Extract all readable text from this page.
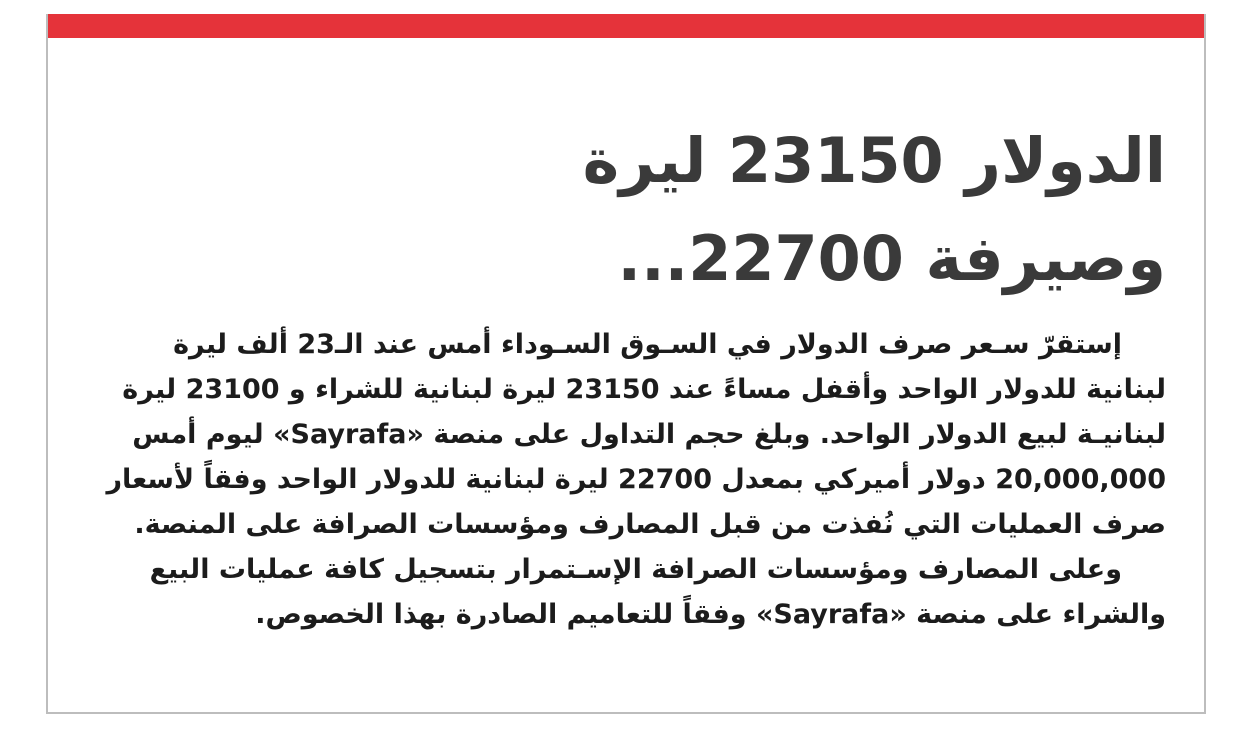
الدولار 23150 ليرة
وصيرفة 22700...
إستقرّ سـعر صرف الدولار في السـوق السـوداء أمس عند الـ23 ألف ليرة
لبنانية للدولار الواحد وأقفل مساءً عند 23150 ليرة لبنانية للشراء و 23100 ليرة
لبنانيـة لبيع الدولار الواحد. وبلغ حجم التداول على منصة «Sayrafa» ليوم أمس
20,000,000 دولار أميركي بمعدل 22700 ليرة لبنانية للدولار الواحد وفقاً لأسعار
صرف العمليات التي نُفذت من قبل المصارف ومؤسسات الصرافة على المنصة.
وعلى المصارف ومؤسسات الصرافة الإسـتمرار بتسجيل كافة عمليات البيع
والشراء على منصة «Sayrafa» وفقاً للتعاميم الصادرة بهذا الخصوص.
